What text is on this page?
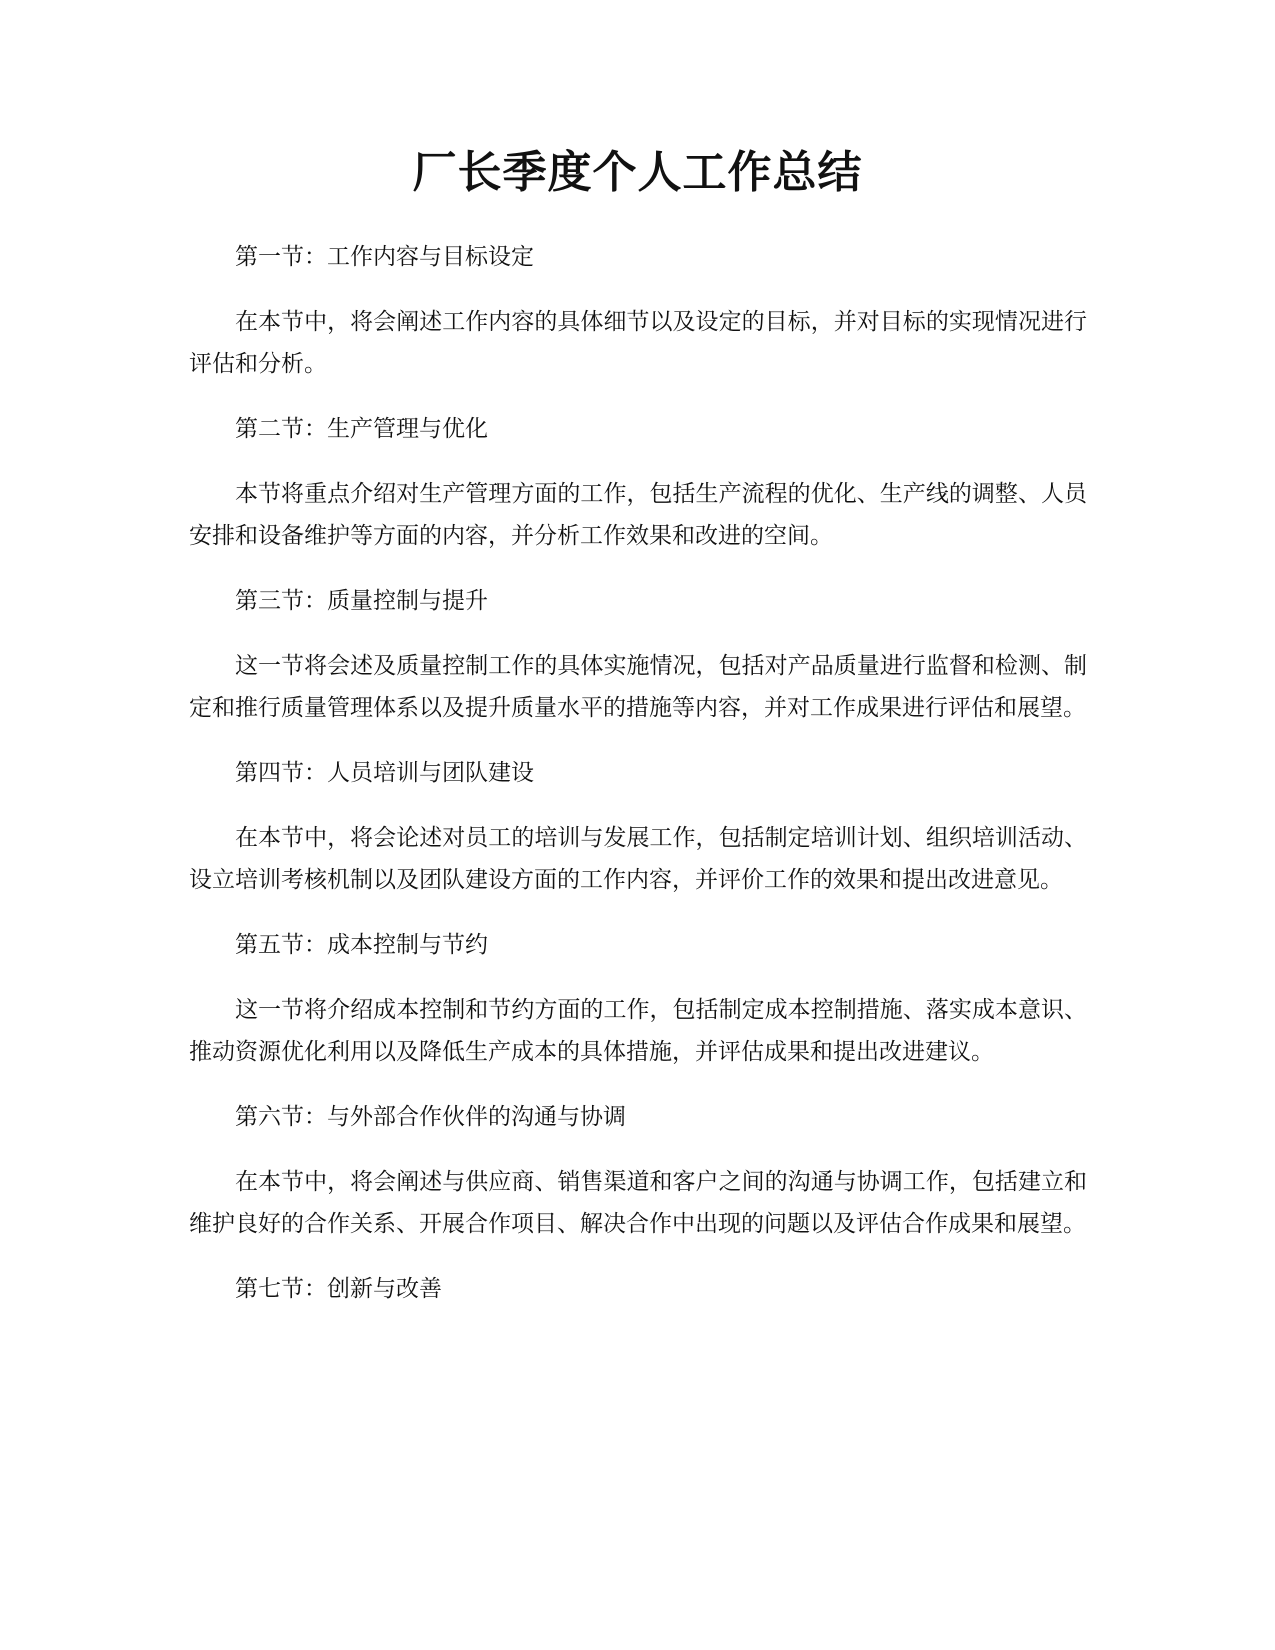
厂长季度个人工作总结

第一节：工作内容与目标设定

在本节中，将会阐述工作内容的具体细节以及设定的目标，并对目标的实现情况进行评估和分析。

第二节：生产管理与优化

本节将重点介绍对生产管理方面的工作，包括生产流程的优化、生产线的调整、人员安排和设备维护等方面的内容，并分析工作效果和改进的空间。

第三节：质量控制与提升

这一节将会述及质量控制工作的具体实施情况，包括对产品质量进行监督和检测、制定和推行质量管理体系以及提升质量水平的措施等内容，并对工作成果进行评估和展望。

第四节：人员培训与团队建设

在本节中，将会论述对员工的培训与发展工作，包括制定培训计划、组织培训活动、设立培训考核机制以及团队建设方面的工作内容，并评价工作的效果和提出改进意见。

第五节：成本控制与节约

这一节将介绍成本控制和节约方面的工作，包括制定成本控制措施、落实成本意识、推动资源优化利用以及降低生产成本的具体措施，并评估成果和提出改进建议。

第六节：与外部合作伙伴的沟通与协调

在本节中，将会阐述与供应商、销售渠道和客户之间的沟通与协调工作，包括建立和维护良好的合作关系、开展合作项目、解决合作中出现的问题以及评估合作成果和展望。

第七节：创新与改善
